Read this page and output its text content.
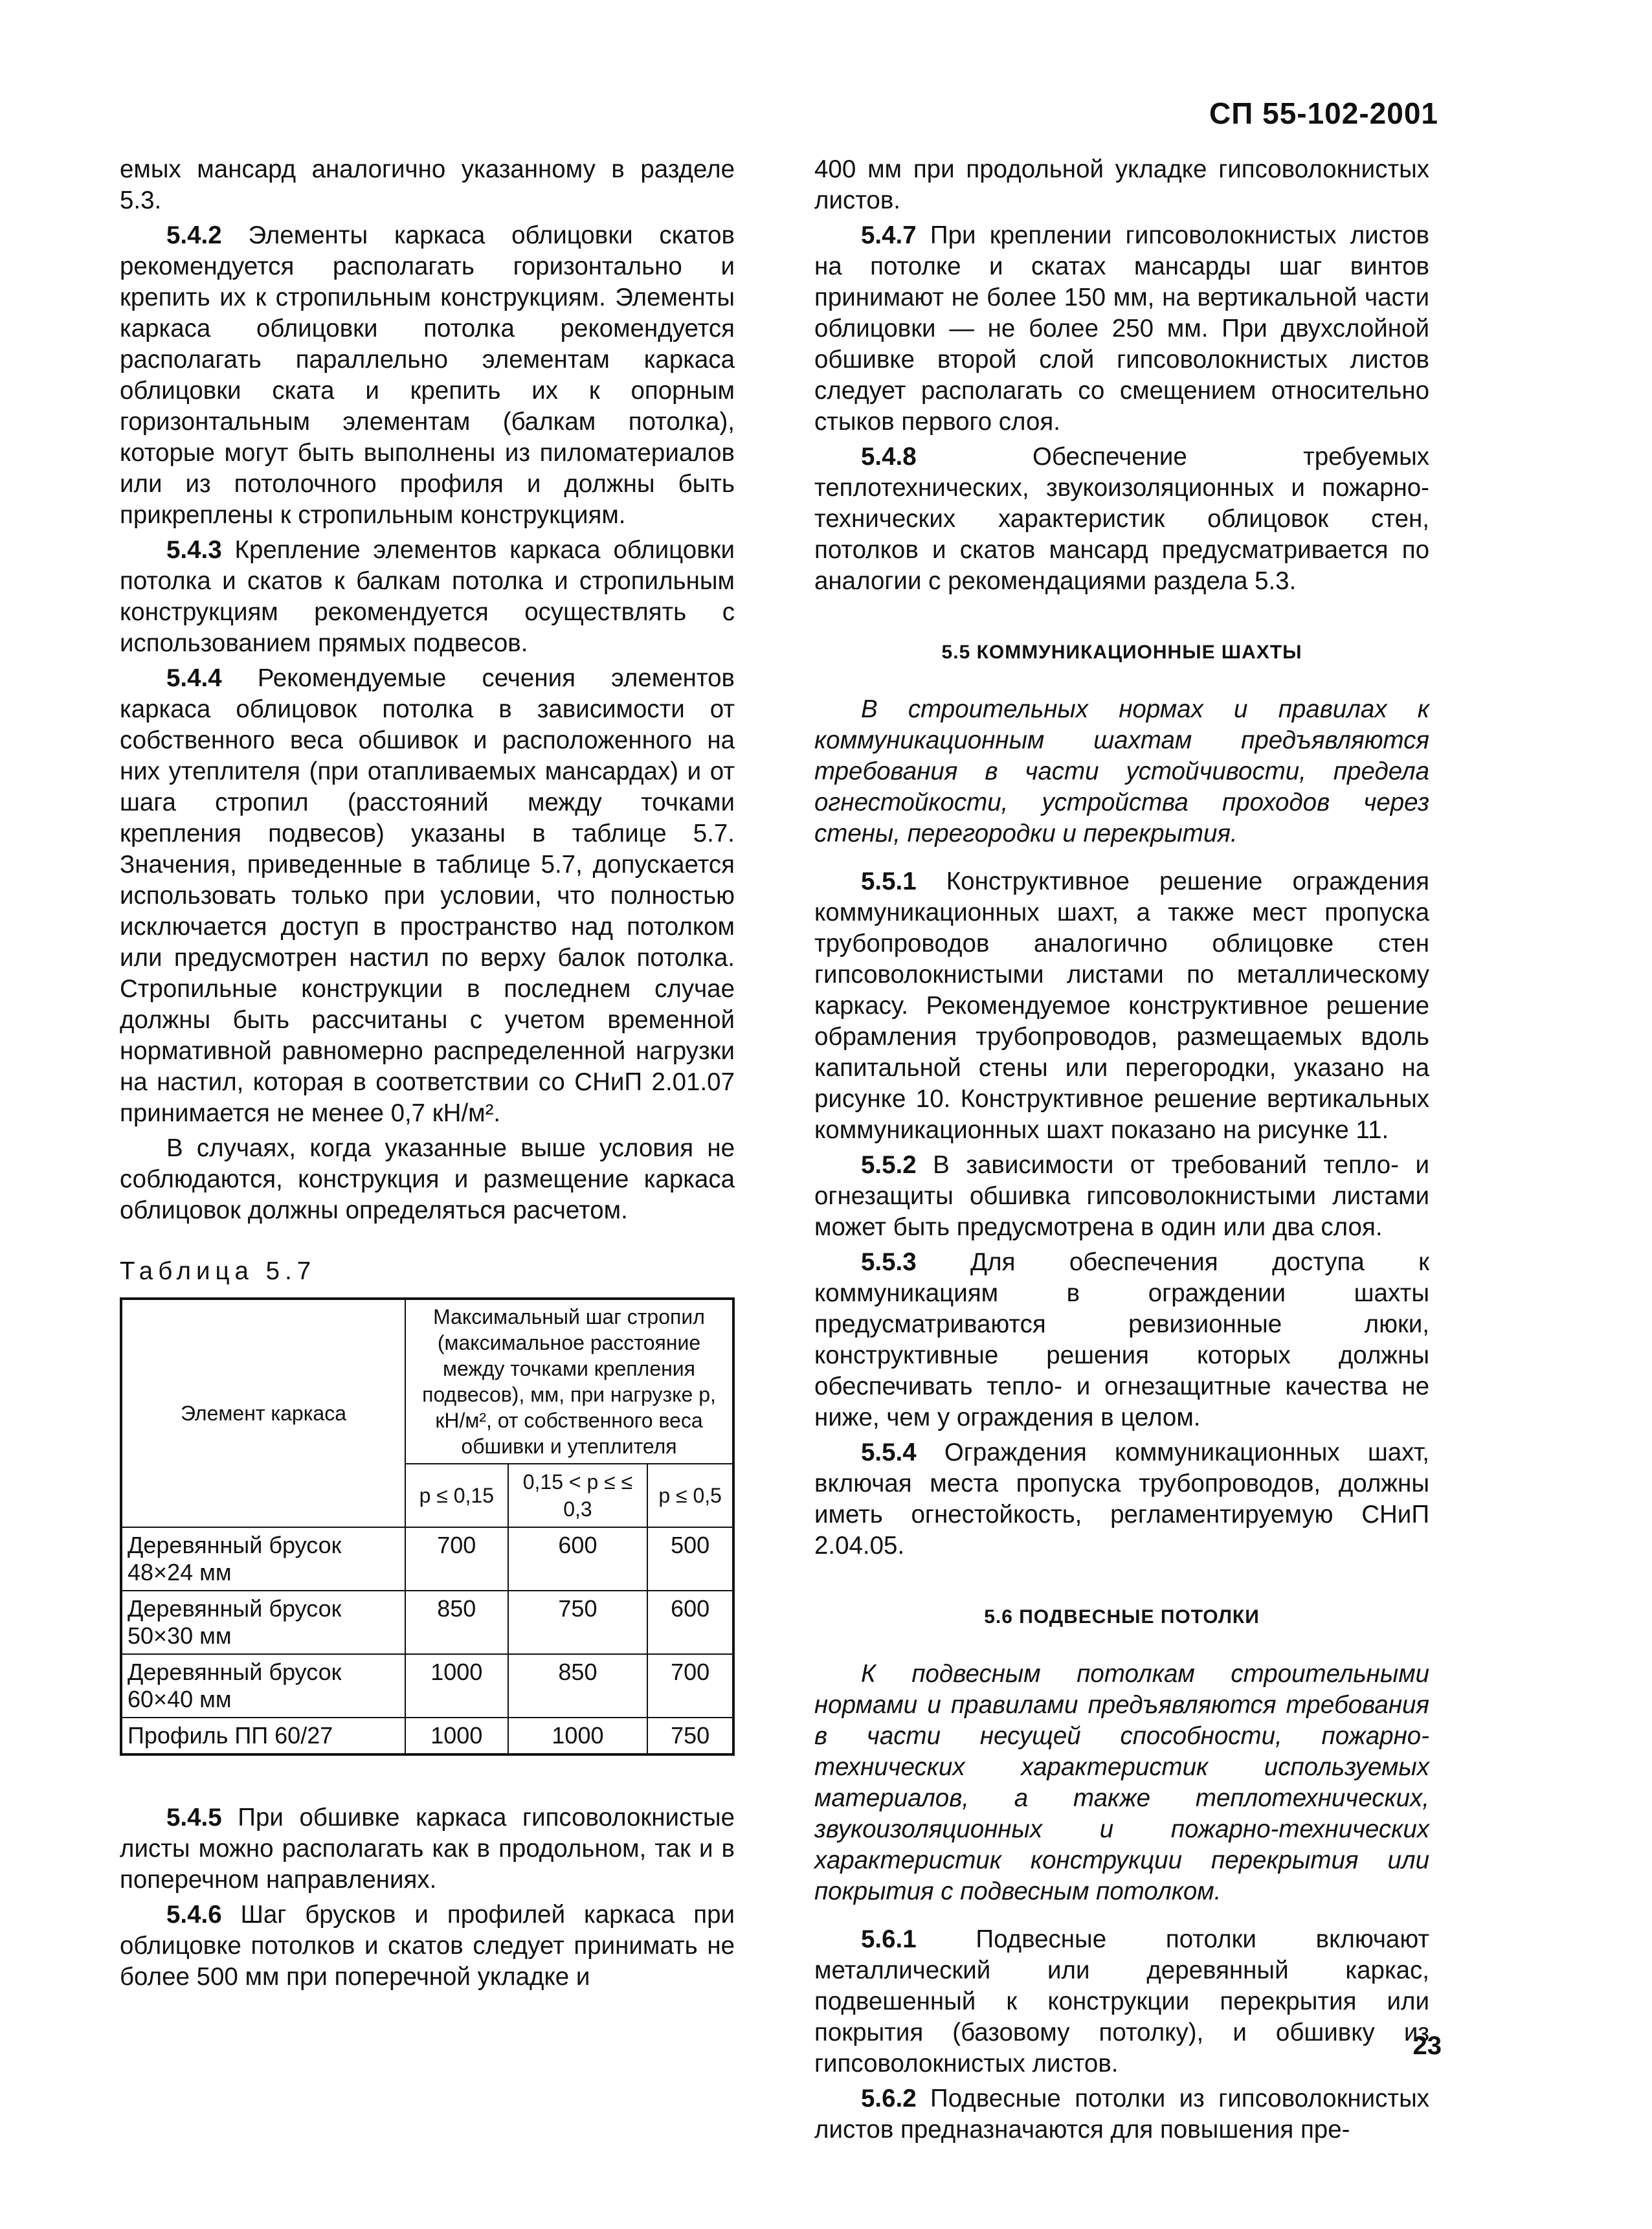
СП 55-102-2001

емых мансард аналогично указанному в разделе 5.3.

5.4.2 Элементы каркаса облицовки скатов рекомендуется располагать горизонтально и крепить их к стропильным конструкциям. Элементы каркаса облицовки потолка рекомендуется располагать параллельно элементам каркаса облицовки ската и крепить их к опорным горизонтальным элементам (балкам потолка), которые могут быть выполнены из пиломатериалов или из потолочного профиля и должны быть прикреплены к стропильным конструкциям.

5.4.3 Крепление элементов каркаса облицовки потолка и скатов к балкам потолка и стропильным конструкциям рекомендуется осуществлять с использованием прямых подвесов.

5.4.4 Рекомендуемые сечения элементов каркаса облицовок потолка в зависимости от собственного веса обшивок и расположенного на них утеплителя (при отапливаемых мансардах) и от шага стропил (расстояний между точками крепления подвесов) указаны в таблице 5.7. Значения, приведенные в таблице 5.7, допускается использовать только при условии, что полностью исключается доступ в пространство над потолком или предусмотрен настил по верху балок потолка. Стропильные конструкции в последнем случае должны быть рассчитаны с учетом временной нормативной равномерно распределенной нагрузки на настил, которая в соответствии со СНиП 2.01.07 принимается не менее 0,7 кН/м².

В случаях, когда указанные выше условия не соблюдаются, конструкция и размещение каркаса облицовок должны определяться расчетом.

Таблица 5.7

Элемент каркаса	Максимальный шаг стропил (максимальное расстояние между точками крепления подвесов), мм, при нагрузке p, кН/м², от собственного веса обшивки и утеплителя		
	p ≤ 0,15	0,15 < p ≤ ≤ 0,3	p ≤ 0,5
Деревянный брусок 48×24 мм	700	600	500
Деревянный брусок 50×30 мм	850	750	600
Деревянный брусок 60×40 мм	1000	850	700
Профиль ПП 60/27	1000	1000	750

5.4.5 При обшивке каркаса гипсоволокнистые листы можно располагать как в продольном, так и в поперечном направлениях.

5.4.6 Шаг брусков и профилей каркаса при облицовке потолков и скатов следует принимать не более 500 мм при поперечной укладке и

400 мм при продольной укладке гипсоволокнистых листов.

5.4.7 При креплении гипсоволокнистых листов на потолке и скатах мансарды шаг винтов принимают не более 150 мм, на вертикальной части облицовки — не более 250 мм. При двухслойной обшивке второй слой гипсоволокнистых листов следует располагать со смещением относительно стыков первого слоя.

5.4.8 Обеспечение требуемых теплотехнических, звукоизоляционных и пожарно-технических характеристик облицовок стен, потолков и скатов мансард предусматривается по аналогии с рекомендациями раздела 5.3.

5.5 КОММУНИКАЦИОННЫЕ ШАХТЫ

В строительных нормах и правилах к коммуникационным шахтам предъявляются требования в части устойчивости, предела огнестойкости, устройства проходов через стены, перегородки и перекрытия.

5.5.1 Конструктивное решение ограждения коммуникационных шахт, а также мест пропуска трубопроводов аналогично облицовке стен гипсоволокнистыми листами по металлическому каркасу. Рекомендуемое конструктивное решение обрамления трубопроводов, размещаемых вдоль капитальной стены или перегородки, указано на рисунке 10. Конструктивное решение вертикальных коммуникационных шахт показано на рисунке 11.

5.5.2 В зависимости от требований тепло- и огнезащиты обшивка гипсоволокнистыми листами может быть предусмотрена в один или два слоя.

5.5.3 Для обеспечения доступа к коммуникациям в ограждении шахты предусматриваются ревизионные люки, конструктивные решения которых должны обеспечивать тепло- и огнезащитные качества не ниже, чем у ограждения в целом.

5.5.4 Ограждения коммуникационных шахт, включая места пропуска трубопроводов, должны иметь огнестойкость, регламентируемую СНиП 2.04.05.

5.6 ПОДВЕСНЫЕ ПОТОЛКИ

К подвесным потолкам строительными нормами и правилами предъявляются требования в части несущей способности, пожарно-технических характеристик используемых материалов, а также теплотехнических, звукоизоляционных и пожарно-технических характеристик конструкции перекрытия или покрытия с подвесным потолком.

5.6.1 Подвесные потолки включают металлический или деревянный каркас, подвешенный к конструкции перекрытия или покрытия (базовому потолку), и обшивку из гипсоволокнистых листов.

5.6.2 Подвесные потолки из гипсоволокнистых листов предназначаются для повышения пре-

23
